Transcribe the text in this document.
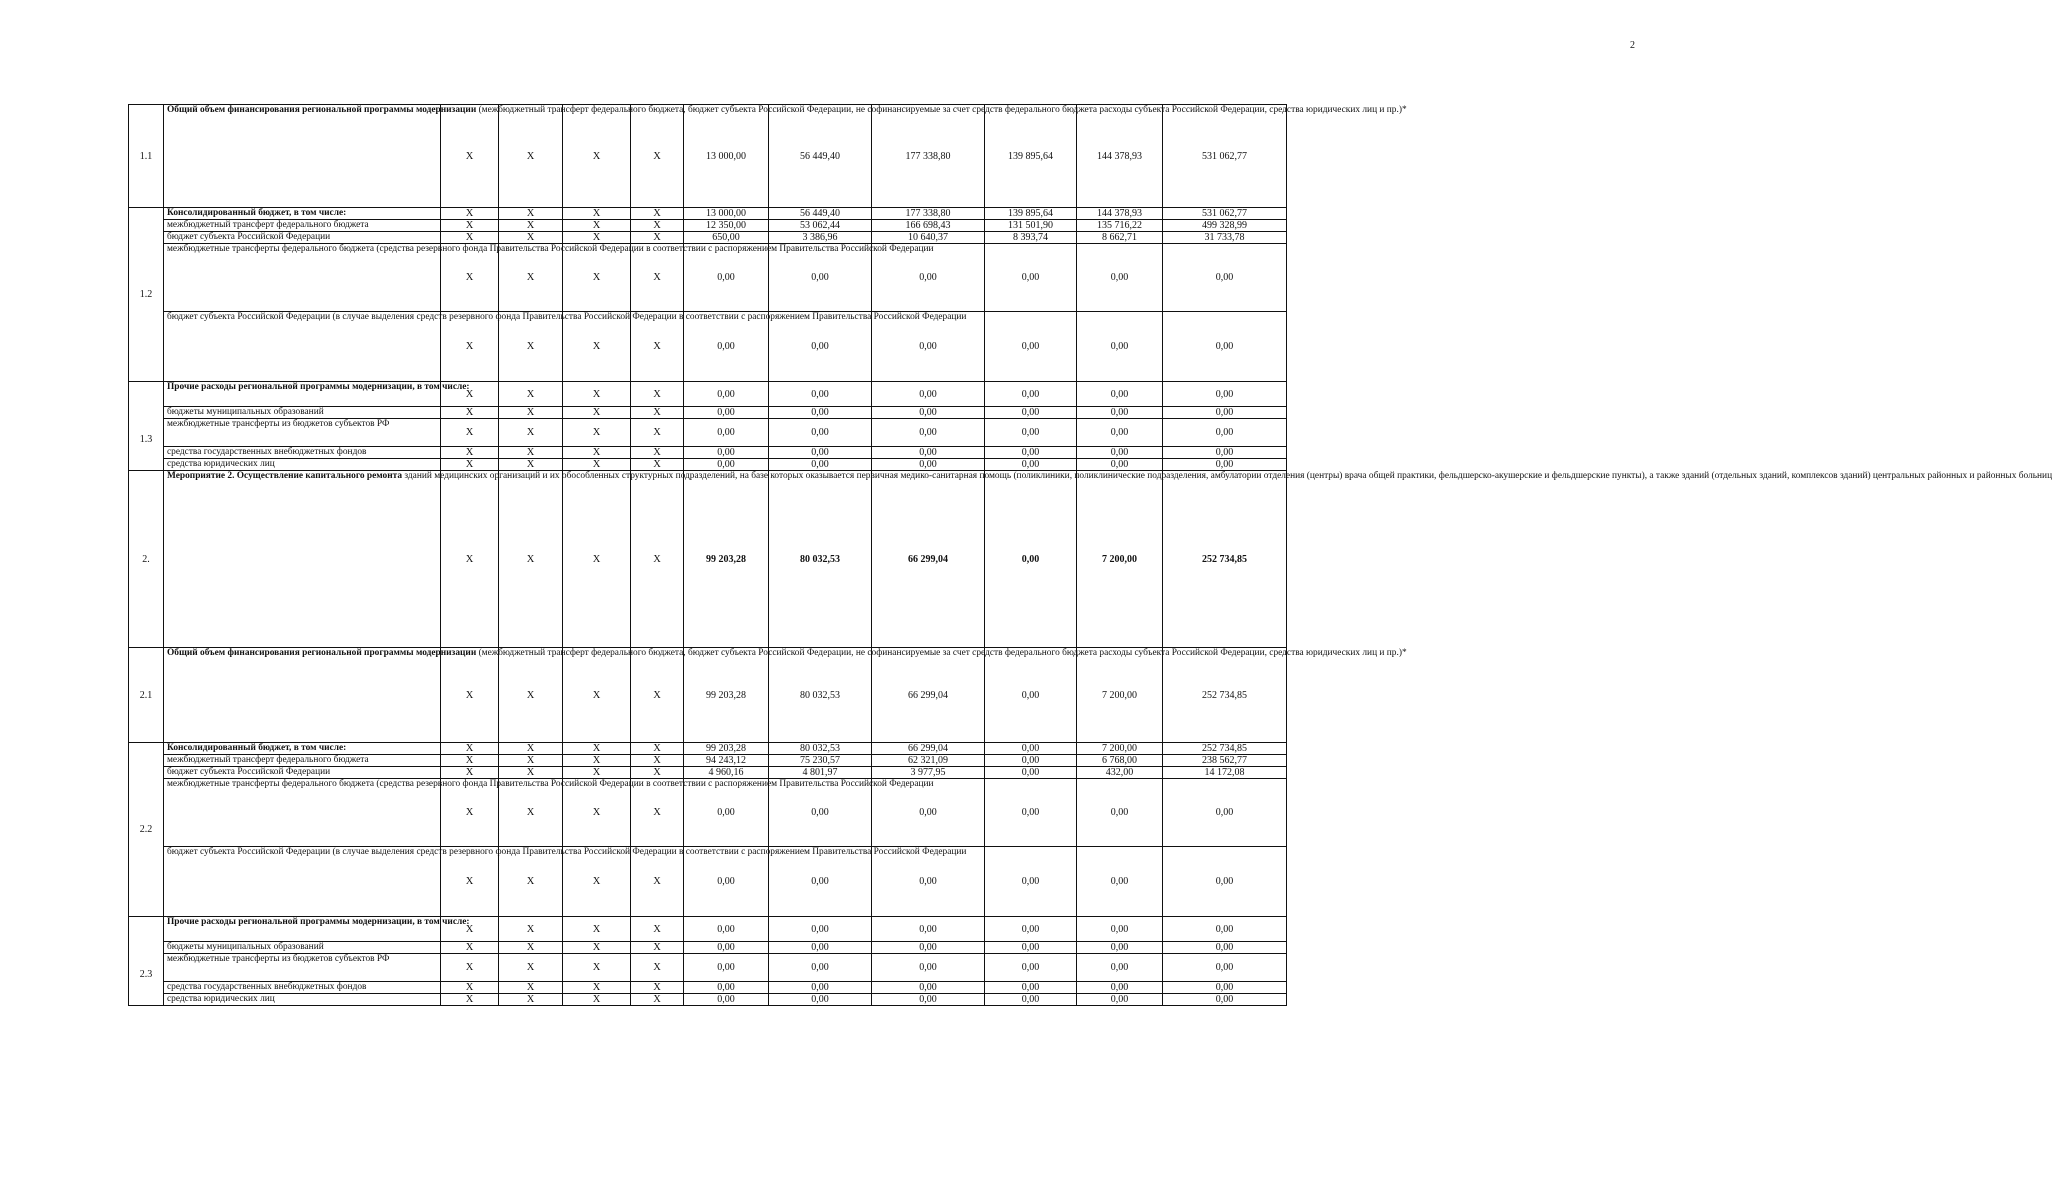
2
1.1	Общий объем финансирования региональной программы модернизации (межбюджетный трансферт федерального бюджета, бюджет субъекта Российской Федерации, не софинансируемые за счет средств федерального бюджета расходы субъекта Российской Федерации, средства юридических лиц и пр.)*	X	X	X	X	13 000,00	56 449,40	177 338,80	139 895,64	144 378,93	531 062,77
1.2	Консолидированный бюджет, в том числе:	X	X	X	X	13 000,00	56 449,40	177 338,80	139 895,64	144 378,93	531 062,77
	межбюджетный трансферт федерального бюджета	X	X	X	X	12 350,00	53 062,44	166 698,43	131 501,90	135 716,22	499 328,99
	бюджет субъекта Российской Федерации	X	X	X	X	650,00	3 386,96	10 640,37	8 393,74	8 662,71	31 733,78
	межбюджетные трансферты федерального бюджета (средства резервного фонда Правительства Российской Федерации в соответствии с распоряжением Правительства Российской Федерации	X	X	X	X	0,00	0,00	0,00	0,00	0,00	0,00
	бюджет субъекта Российской Федерации (в случае выделения средств резервного фонда Правительства Российской Федерации в соответствии с распоряжением Правительства Российской Федерации	X	X	X	X	0,00	0,00	0,00	0,00	0,00	0,00
1.3	Прочие расходы региональной программы модернизации, в том числе:	X	X	X	X	0,00	0,00	0,00	0,00	0,00	0,00
	бюджеты муниципальных образований	X	X	X	X	0,00	0,00	0,00	0,00	0,00	0,00
	межбюджетные трансферты из бюджетов субъектов РФ	X	X	X	X	0,00	0,00	0,00	0,00	0,00	0,00
	средства государственных внебюджетных фондов	X	X	X	X	0,00	0,00	0,00	0,00	0,00	0,00
	средства юридических лиц	X	X	X	X	0,00	0,00	0,00	0,00	0,00	0,00
2.	Мероприятие 2. Осуществление капитального ремонта зданий медицинских организаций и их обособленных структурных подразделений, на базе которых оказывается первичная медико-санитарная помощь (поликлиники, поликлинические подразделения, амбулатории отделения (центры) врача общей практики, фельдшерско-акушерские и фельдшерские пункты), а также зданий (отдельных зданий, комплексов зданий) центральных районных и районных больниц	X	X	X	X	99 203,28	80 032,53	66 299,04	0,00	7 200,00	252 734,85
2.1	Общий объем финансирования региональной программы модернизации (межбюджетный трансферт федерального бюджета, бюджет субъекта Российской Федерации, не софинансируемые за счет средств федерального бюджета расходы субъекта Российской Федерации, средства юридических лиц и пр.)*	X	X	X	X	99 203,28	80 032,53	66 299,04	0,00	7 200,00	252 734,85
2.2	Консолидированный бюджет, в том числе:	X	X	X	X	99 203,28	80 032,53	66 299,04	0,00	7 200,00	252 734,85
	межбюджетный трансферт федерального бюджета	X	X	X	X	94 243,12	75 230,57	62 321,09	0,00	6 768,00	238 562,77
	бюджет субъекта Российской Федерации	X	X	X	X	4 960,16	4 801,97	3 977,95	0,00	432,00	14 172,08
	межбюджетные трансферты федерального бюджета (средства резервного фонда Правительства Российской Федерации в соответствии с распоряжением Правительства Российской Федерации	X	X	X	X	0,00	0,00	0,00	0,00	0,00	0,00
	бюджет субъекта Российской Федерации (в случае выделения средств резервного фонда Правительства Российской Федерации в соответствии с распоряжением Правительства Российской Федерации	X	X	X	X	0,00	0,00	0,00	0,00	0,00	0,00
2.3	Прочие расходы региональной программы модернизации, в том числе:	X	X	X	X	0,00	0,00	0,00	0,00	0,00	0,00
	бюджеты муниципальных образований	X	X	X	X	0,00	0,00	0,00	0,00	0,00	0,00
	межбюджетные трансферты из бюджетов субъектов РФ	X	X	X	X	0,00	0,00	0,00	0,00	0,00	0,00
	средства государственных внебюджетных фондов	X	X	X	X	0,00	0,00	0,00	0,00	0,00	0,00
	средства юридических лиц	X	X	X	X	0,00	0,00	0,00	0,00	0,00	0,00
